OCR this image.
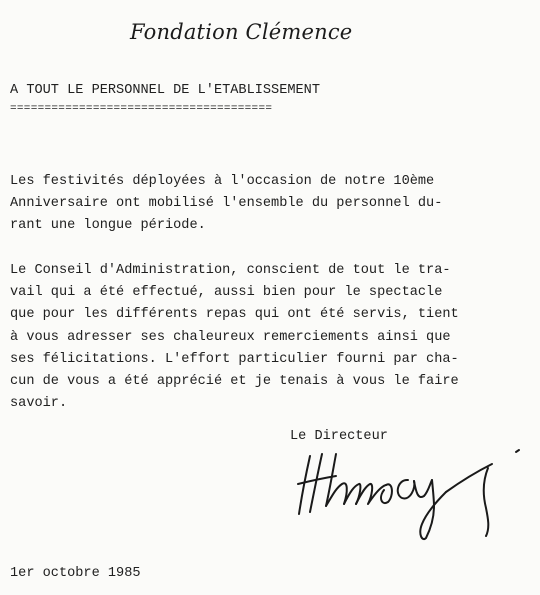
Fondation Clémence
A TOUT LE PERSONNEL DE L'ETABLISSEMENT
======================================
Les festivités déployées à l'occasion de notre 10ème
Anniversaire ont mobilisé l'ensemble du personnel du-
rant une longue période.
Le Conseil d'Administration, conscient de tout le tra-
vail qui a été effectué, aussi bien pour le spectacle
que pour les différents repas qui ont été servis, tient
à vous adresser ses chaleureux remerciements ainsi que
ses félicitations. L'effort particulier fourni par cha-
cun de vous a été apprécié et je tenais à vous le faire
savoir.
Le Directeur
1er octobre 1985
